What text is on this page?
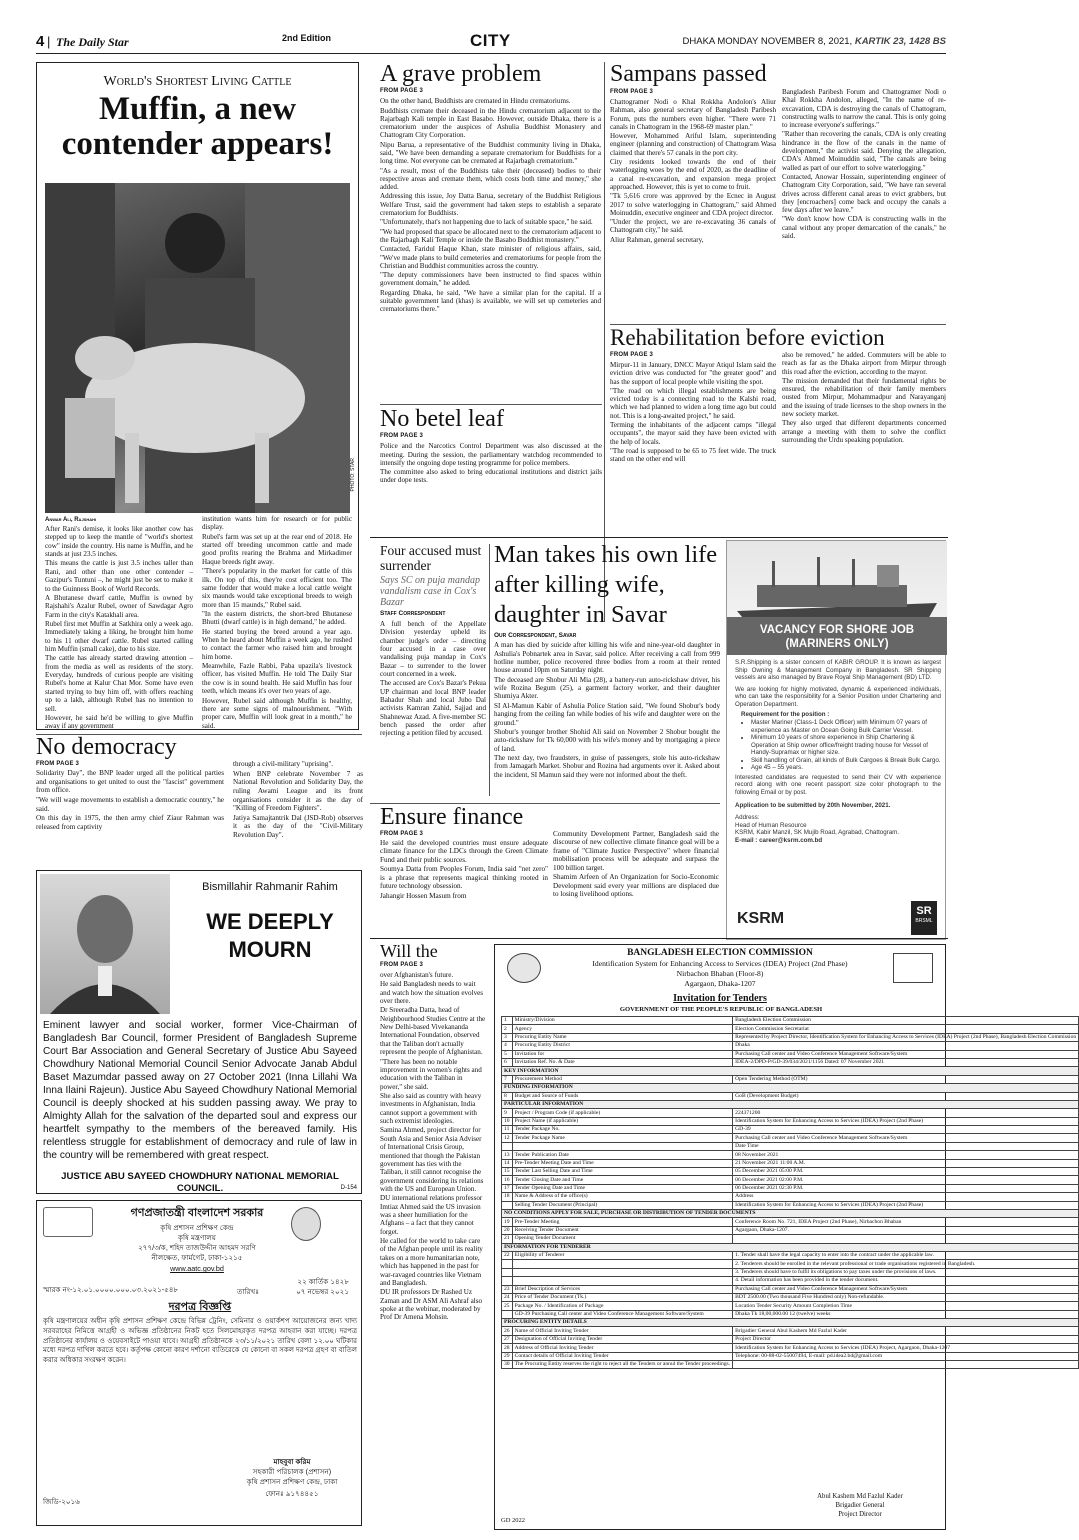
4 | The Daily Star	2nd Edition	CITY	DHAKA MONDAY NOVEMBER 8, 2021, KARTIK 23, 1428 BS
World's Shortest Living Cattle
Muffin, a new contender appears!
PHOTO: STAR
Anwar Ali, Rajshahi

After Rani's demise, it looks like another cow has stepped up to keep the mantle of "world's shortest cow" inside the country. His name is Muffin, and he stands at just 23.5 inches.

This means the cattle is just 3.5 inches taller than Rani, and other than one other contender – Gazipur's Tuntuni –, he might just be set to make it to the Guinness Book of World Records.

A Bhutanese dwarf cattle, Muffin is owned by Rajshahi's Azalur Rubel, owner of Sawdagar Agro Farm in the city's Katakhali area.

Rubel first met Muffin at Satkhira only a week ago. Immediately taking a liking, he brought him home to his 11 other dwarf cattle. Rubel started calling him Muffin (small cake), due to his size.

The cattle has already started drawing attention – from the media as well as residents of the story. Everyday, hundreds of curious people are visiting Rubel's home at Kalur Chat Mor. Some have even started trying to buy him off, with offers reaching up to a lakh, although Rubel has no intention to sell.

However, he said he'd be willing to give Muffin away if any government

institution wants him for research or for public display.

Rubel's farm was set up at the rear end of 2018. He started off breeding uncommon cattle and made good profits rearing the Brahma and Mirkadimer Haque breeds right away.

"There's popularity in the market for cattle of this ilk. On top of this, they're cost efficient too. The same fodder that would make a local cattle weight six maunds would take exceptional breeds to weigh more than 15 maunds," Rubel said.

"In the eastern districts, the short-bred Bhutanese Bhutti (dwarf cattle) is in high demand," he added.

He started buying the breed around a year ago. When he heard about Muffin a week ago, he rushed to contact the farmer who raised him and brought him home.

Meanwhile, Fazle Rabbi, Paba upazila's livestock officer, has visited Muffin. He told The Daily Star the cow is in sound health. He said Muffin has four teeth, which means it's over two years of age.

However, Rubel said although Muffin is healthy, there are some signs of malnourishment. "With proper care, Muffin will look great in a month," he said.

A grave problem
FROM PAGE 3

On the other hand, Buddhists are cremated in Hindu crematoriums.

Buddhists cremate their deceased in the Hindu crematorium adjacent to the Rajarbagh Kali temple in East Basabo. However, outside Dhaka, there is a crematorium under the auspices of Ashulia Buddhist Monastery and Chattogram City Corporation.

Nipu Barua, a representative of the Buddhist community living in Dhaka, said, "We have been demanding a separate crematorium for Buddhists for a long time. Not everyone can be cremated at Rajarbagh crematorium."

"As a result, most of the Buddhists take their (deceased) bodies to their respective areas and cremate them, which costs both time and money," she added.

Addressing this issue, Joy Datta Barua, secretary of the Buddhist Religious Welfare Trust, said the government had taken steps to establish a separate crematorium for Buddhists.

"Unfortunately, that's not happening due to lack of suitable space," he said.

"We had proposed that space be allocated next to the crematorium adjacent to the Rajarbagh Kali Temple or inside the Basabo Buddhist monastery."

Contacted, Faridul Haque Khan, state minister of religious affairs, said, "We've made plans to build cemeteries and crematoriums for people from the Christian and Buddhist communities across the country.

"The deputy commissioners have been instructed to find spaces within government domain," he added.

Regarding Dhaka, he said, "We have a similar plan for the capital. If a suitable government land (khas) is available, we will set up cemeteries and crematoriums there."

Sampans passed
FROM PAGE 3

Chattogramer Nodi o Khal Rokkha Andolon's Aliur Rahman, also general secretary of Bangladesh Paribesh Forum, puts the numbers even higher. "There were 71 canals in Chattogram in the 1968-69 master plan."

However, Mohammed Ariful Islam, superintending engineer (planning and construction) of Chattogram Wasa claimed that there's 57 canals in the port city.

City residents looked towards the end of their waterlogging woes by the end of 2020, as the deadline of a canal re-excavation, and expansion mega project approached. However, this is yet to come to fruit.

"Tk 5,616 crore was approved by the Ecnec in August 2017 to solve waterlogging in Chattogram," said Ahmed Moinuddin, executive engineer and CDA project director.

"Under the project, we are re-excavating 36 canals of Chattogram city," he said.

Aliur Rahman, general secretary,

Bangladesh Paribesh Forum and Chattogramer Nodi o Khal Rokkha Andolon, alleged, "In the name of re-excavation, CDA is destroying the canals of Chattogram, constructing walls to narrow the canal. This is only going to increase everyone's sufferings."

"Rather than recovering the canals, CDA is only creating hindrance in the flow of the canals in the name of development," the activist said. Denying the allegation, CDA's Ahmed Moinuddin said, "The canals are being walled as part of our effort to solve waterlogging."

Contacted, Anowar Hossain, superintending engineer of Chattogram City Corporation, said, "We have ran several drives across different canal areas to evict grabbers, but they [encroachers] come back and occupy the canals a few days after we leave."

"We don't know how CDA is constructing walls in the canal without any proper demarcation of the canals," he said.

Rehabilitation before eviction
FROM PAGE 3

Mirpur-11 in January, DNCC Mayor Atiqul Islam said the eviction drive was conducted for "the greater good" and has the support of local people while visiting the spot.

"The road on which illegal establishments are being evicted today is a connecting road to the Kalshi road, which we had planned to widen a long time ago but could not. This is a long-awaited project," he said.

Terming the inhabitants of the adjacent camps "illegal occupants", the mayor said they have been evicted with the help of locals.

"The road is supposed to be 65 to 75 feet wide. The truck stand on the other end will

also be removed," he added. Commuters will be able to reach as far as the Dhaka airport from Mirpur through this road after the eviction, according to the mayor.

The mission demanded that their fundamental rights be ensured, the rehabilitation of their family members ousted from Mirpur, Mohammadpur and Narayanganj and the issuing of trade licenses to the shop owners in the new society market.

They also urged that different departments concerned arrange a meeting with them to solve the conflict surrounding the Urdu speaking population.

No betel leaf
FROM PAGE 3

Police and the Narcotics Control Department was also discussed at the meeting. During the session, the parliamentary watchdog recommended to intensify the ongoing dope testing programme for police members.

The committee also asked to bring educational institutions and district jails under dope tests.

Four accused must surrender
Says SC on puja mandap vandalism case in Cox's Bazar
Staff Correspondent

A full bench of the Appellate Division yesterday upheld its chamber judge's order – directing four accused in a case over vandalising puja mandap in Cox's Bazar – to surrender to the lower court concerned in a week.

The accused are Cox's Bazar's Pekua UP chairman and local BNP leader Bahadur Shah and local Jubo Dal activists Kamran Zahid, Sajjad and Shahnewaz Azad. A five-member SC bench passed the order after rejecting a petition filed by accused.

Man takes his own life after killing wife, daughter in Savar
Our Correspondent, Savar

A man has died by suicide after killing his wife and nine-year-old daughter in Ashulia's Pobnartek area in Savar, said police. After receiving a call from 999 hotline number, police recovered three bodies from a room at their rented house around 10pm on Saturday night.

The deceased are Shobur Ali Mia (28), a battery-run auto-rickshaw driver, his wife Rozina Begum (25), a garment factory worker, and their daughter Shumiya Akter.

SI Al-Mamun Kabir of Ashulia Police Station said, "We found Shobur's body hanging from the ceiling fan while bodies of his wife and daughter were on the ground."

Shobur's younger brother Shohid Ali said on November 2 Shobur bought the auto-rickshaw for Tk 60,000 with his wife's money and by mortgaging a piece of land.

The next day, two fraudsters, in guise of passengers, stole his auto-rickshaw from Jamagarh Market. Shobur and Rozina had arguments over it. Asked about the incident, SI Mamun said they were not informed about the theft.

VACANCY FOR SHORE JOB
(MARINERS ONLY)

S.R.Shipping is a sister concern of KABIR GROUP. It is known as largest Ship Owning & Management Company in Bangladesh. SR Shipping vessels are also managed by Brave Royal Ship Management (BD) LTD.

We are looking for highly motivated, dynamic & experienced individuals, who can take the responsibility for a Senior Position under Chartering and Operation Department.

Requirement for the position :
• Master Mariner (Class-1 Deck Officer) with Minimum 07 years of experience as Master on Ocean Going Bulk Carrier Vessel.
• Minimum 10 years of shore experience in Ship Chartering & Operation at Ship owner office/freight trading house for Vessel of Handy-Supramax or higher size.
• Skill handling of Grain, all kinds of Bulk Cargoes & Break Bulk Cargo.
• Age 45 – 55 years.

Interested candidates are requested to send their CV with experience record along with one recent passport size color photograph to the following Email or by post.

Application to be submitted by 20th November, 2021.
Address:
Head of Human Resource
KSRM, Kabir Manzil, SK Mujib Road, Agrabad, Chattogram.
E-mail : career@ksrm.com.bd
KSRM	SR
BRSML
No democracy
FROM PAGE 3

Solidarity Day", the BNP leader urged all the political parties and organisations to get united to oust the "fascist" government from office.

"We will wage movements to establish a democratic country," he said.

On this day in 1975, the then army chief Ziaur Rahman was released from captivity

through a civil-military "uprising".

When BNP celebrate November 7 as National Revolution and Solidarity Day, the ruling Awami League and its front organisations consider it as the day of "Killing of Freedom Fighters".

Jatiya Samajtantrik Dal (JSD-Rob) observes it as the day of the "Civil-Military Revolution Day".

Ensure finance
FROM PAGE 3

He said the developed countries must ensure adequate climate finance for the LDCs through the Green Climate Fund and their public sources.

Soumya Datta from Peoples Forum, India said "net zero" is a phrase that represents magical thinking rooted in future technology obsession.

Jahangir Hossen Masum from

Community Development Partner, Bangladesh said the discourse of new collective climate finance goal will be a frame of "Climate Justice Perspective" where financial mobilisation process will be adequate and surpass the 100 billion target.

Shamim Arfeen of An Organization for Socio-Economic Development said every year millions are displaced due to losing livelihood options.

Bismillahir Rahmanir Rahim
WE DEEPLY
MOURN
Eminent lawyer and social worker, former Vice-Chairman of Bangladesh Bar Council, former President of Bangladesh Supreme Court Bar Association and General Secretary of Justice Abu Sayeed Chowdhury National Memorial Council Senior Advocate Janab Abdul Baset Mazumdar passed away on 27 October 2021 (Inna Lillahi Wa Inna Ilaini Rajeun). Justice Abu Sayeed Chowdhury National Memorial Council is deeply shocked at his sudden passing away. We pray to Almighty Allah for the salvation of the departed soul and express our heartfelt sympathy to the members of the bereaved family. His relentless struggle for establishment of democracy and rule of law in the country will be remembered with great respect.
JUSTICE ABU SAYEED CHOWDHURY NATIONAL MEMORIAL COUNCIL.	D-154
গণপ্রজাতন্ত্রী বাংলাদেশ সরকার
কৃষি প্রশাসন প্রশিক্ষণ কেন্দ্র
কৃষি মন্ত্রণালয়
২৭৭/৩/ক, শহিদ তাজউদ্দীন আহমদ সরণি
নীলক্ষেত, ফার্মগেট, ঢাকা-১২১৫
www.aatc.gov.bd
২২ কার্তিক ১৪২৮
স্মারক নং-১২.০১.০০০০.০০০.০৩.২০২১-৫৪৮	তারিখঃ	০৭ নভেম্বর ২০২১
দরপত্র বিজ্ঞপ্তি
কৃষি মন্ত্রণালয়ের অধীন কৃষি প্রশাসন প্রশিক্ষণ কেন্দ্রে বিভিন্ন ট্রেনিং, সেমিনার ও ওয়ার্কশপ আয়োজনের জন্য খাদ্য সরবরাহের নিমিত্তে আগ্রহী ও অভিজ্ঞ প্রতিষ্ঠানের নিকট হতে সিলমোহরকৃত দরপত্র আহবান করা যাচ্ছে। দরপত্র প্রতিষ্ঠানের কার্যালয় ও ওয়েবসাইটে পাওয়া যাবে। আগ্রহী প্রতিষ্ঠানকে ২৩/১১/২০২১ তারিখ বেলা ১২.০০ ঘটিকার মধ্যে দরপত্র দাখিল করতে হবে। কর্তৃপক্ষ কোনো কারণ দর্শানো ব্যতিরেকে যে কোনো বা সকল দরপত্র গ্রহণ বা বাতিল করার অধিকার সংরক্ষণ করেন।
মাহবুবা করিম
সহকারী পরিচালক (প্রশাসন)
কৃষি প্রশাসন প্রশিক্ষণ কেন্দ্র, ঢাকা
ফোনঃ ৯১৭৪৪৫১
জিডি-২০১৬
Will the
FROM PAGE 3

over Afghanistan's future.

He said Bangladesh needs to wait and watch how the situation evolves over there.

Dr Sreeradha Datta, head of Neighbourhood Studies Centre at the New Delhi-based Vivekananda International Foundation, observed that the Taliban don't actually represent the people of Afghanistan.

"There has been no notable improvement in women's rights and education with the Taliban in power," she said.

She also said as country with heavy investments in Afghanistan, India cannot support a government with such extremist ideologies.

Samina Ahmed, project director for South Asia and Senior Asia Adviser of International Crisis Group, mentioned that though the Pakistan government has ties with the Taliban, it still cannot recognise the government considering its relations with the US and European Union.

DU international relations professor Imtiaz Ahmed said the US invasion was a sheer humiliation for the Afghans – a fact that they cannot forget.

He called for the world to take care of the Afghan people until its reality takes on a more humanitarian note, which has happened in the past for war-ravaged countries like Vietnam and Bangladesh.

DU IR professors Dr Rashed Uz Zaman and Dr ASM Ali Ashraf also spoke at the webinar, moderated by Prof Dr Amena Mohsin.

BANGLADESH ELECTION COMMISSION
Identification System for Enhancing Access to Services (IDEA) Project (2nd Phase)
Nirbachon Bhaban (Floor-8)
Agargaon, Dhaka-1207
Invitation for Tenders
GOVERNMENT OF THE PEOPLE'S REPUBLIC OF BANGLADESH
1	Ministry/Division	Bangladesh Election Commission
2	Agency	Election Commission Secretariat
3	Procuring Entity Name	Represented by Project Director, Identification System for Enhancing Access to Services (IDEA) Project (2nd Phase), Bangladesh Election Commission
4	Procuring Entity District	Dhaka
5	Invitation for	Purchasing Call center and Video Conference Management Software/System
6	Invitation Ref. No. & Date	IDEA-2/DPD-P/GD-39/034/2021/1156 Dated: 07 November 2021
KEY INFORMATION		
7	Procurement Method	Open Tendering Method (OTM)
FUNDING INFORMATION		
8	Budget and Source of Funds	GoB (Development Budget)
PARTICULAR INFORMATION		
9	Project / Program Code (if applicable)	224371200
10	Project Name (if applicable)	Identification System for Enhancing Access to Services (IDEA) Project (2nd Phase)
11	Tender Package No.	GD-39
12	Tender Package Name	Purchasing Call center and Video Conference Management Software/System
		Date Time
13	Tender Publication Date	08 November 2021
14	Pre-Tender Meeting Date and Time	21 November 2021 11:00 A.M.
15	Tender Last Selling Date and Time	05 December 2021 05:00 P.M.
16	Tender Closing Date and Time	06 December 2021 02:00 P.M.
17	Tender Opening Date and Time	06 December 2021 02:30 P.M.
18	Name & Address of the office(s)	Address
	Selling Tender Document (Principal)	Identification System for Enhancing Access to Services (IDEA) Project (2nd Phase)
NO CONDITIONS APPLY FOR SALE, PURCHASE OR DISTRIBUTION OF TENDER DOCUMENTS		
19	Pre-Tender Meeting	Conference Room No. 721, IDEA Project (2nd Phase), Nirbachon Bhaban
20	Receiving Tender Document	Agargaon, Dhaka-1207.
21	Opening Tender Document	
INFORMATION FOR TENDERER		
22	Eligibility of Tenderer	1. Tender shall have the legal capacity to enter into the contract under the applicable law.
		2. Tenderers should be enrolled in the relevant professional or trade organisations registered in Bangladesh.
		3. Tenderers should have to fulfil its obligations to pay taxes under the provisions of laws.
		4. Detail information has been provided in the tender document.
23	Brief Description of Services	Purchasing Call center and Video Conference Management Software/System
24	Price of Tender Document (Tk.)	BDT 2500.00 (Two thousand Five Hundred only) Non-refundable.
25	Package No. / Identification of Package	Location Tender Security Amount Completion Time
	GD-39 Purchasing Call center and Video Conference Management Software/System	Dhaka Tk 18,00,000.00 12 (twelve) weeks
PROCURING ENTITY DETAILS		
26	Name of Official Inviting Tender	Brigadier General Abul Kashem Md Fazlul Kader
27	Designation of Official Inviting Tender	Project Director
28	Address of Official Inviting Tender	Identification System for Enhancing Access to Services (IDEA) Project, Agargaon, Dhaka-1207
29	Contact details of Official Inviting Tender	Telephone: 00-88-02-55007494, E-mail: pd.idea2.bd@gmail.com
30	The Procuring Entity reserves the right to reject all the Tenders or annul the Tender proceedings.	
Abul Kashem Md Fazlul Kader
Brigadier General
Project Director
GD 2022
